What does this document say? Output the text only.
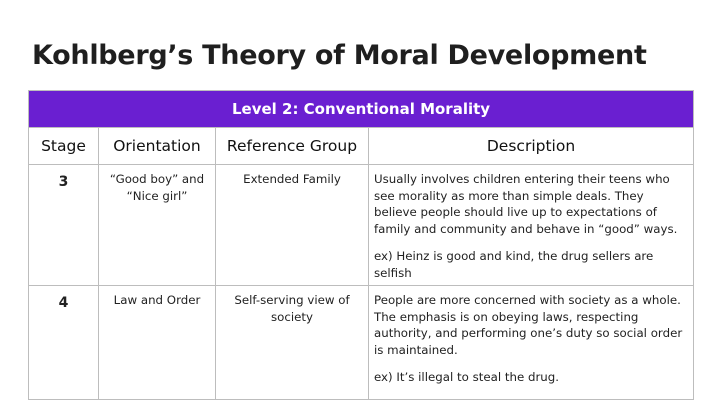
Kohlberg’s Theory of Moral Development
Level 2: Conventional Morality			
Stage	Orientation	Reference Group	Description
3	“Good boy” and “Nice girl”	Extended Family	Usually involves children entering their teens who see morality as more than simple deals. They believe people should live up to expectations of family and community and behave in “good” ways.

ex) Heinz is good and kind, the drug sellers are selfish

4	Law and Order	Self-serving view of society	People are more concerned with society as a whole. The emphasis is on obeying laws, respecting authority, and performing one’s duty so social order is maintained.

ex) It’s illegal to steal the drug.
